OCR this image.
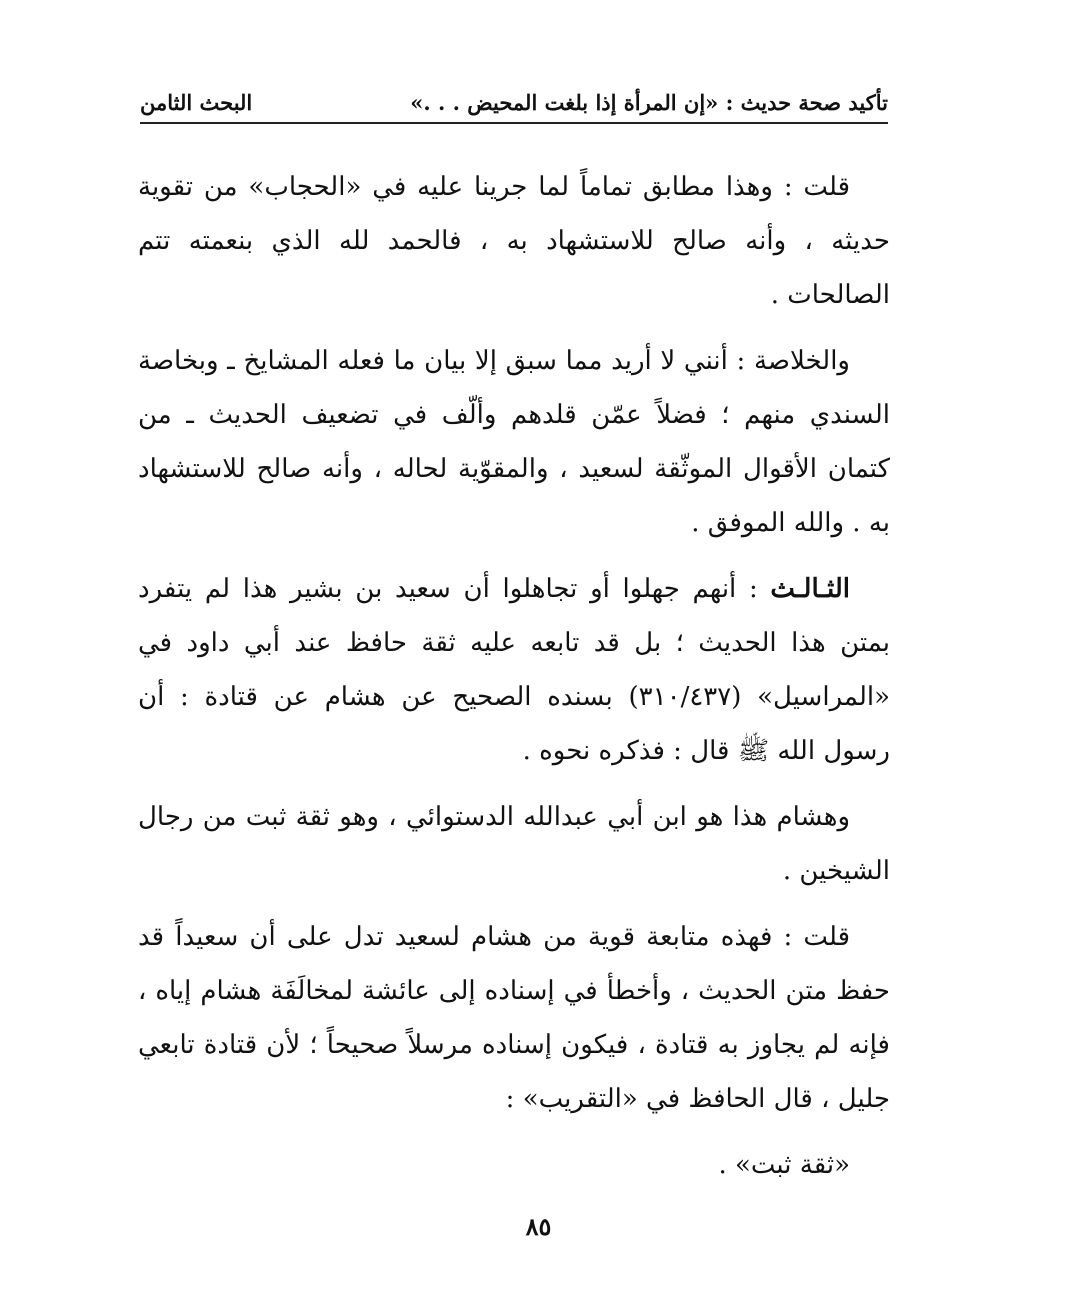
البحث الثامن	تأكيد صحة حديث : «إن المرأة إذا بلغت المحيض . . .»

قلت : وهذا مطابق تماماً لما جرينا عليه في «الحجاب» من تقوية حديثه ، وأنه صالح للاستشهاد به ، فالحمد لله الذي بنعمته تتم الصالحات .

والخلاصة : أنني لا أريد مما سبق إلا بيان ما فعله المشايخ ـ وبخاصة السندي منهم ؛ فضلاً عمّن قلدهم وألّف في تضعيف الحديث ـ من كتمان الأقوال الموثّقة لسعيد ، والمقوّية لحاله ، وأنه صالح للاستشهاد به . والله الموفق .

الثـالـث : أنهم جهلوا أو تجاهلوا أن سعيد بن بشير هذا لم يتفرد بمتن هذا الحديث ؛ بل قد تابعه عليه ثقة حافظ عند أبي داود في «المراسيل» (٣١٠/٤٣٧) بسنده الصحيح عن هشام عن قتادة : أن رسول الله ﷺ قال : فذكره نحوه .

وهشام هذا هو ابن أبي عبدالله الدستوائي ، وهو ثقة ثبت من رجال الشيخين .

قلت : فهذه متابعة قوية من هشام لسعيد تدل على أن سعيداً قد حفظ متن الحديث ، وأخطأ في إسناده إلى عائشة لمخالَفَة هشام إياه ، فإنه لم يجاوز به قتادة ، فيكون إسناده مرسلاً صحيحاً ؛ لأن قتادة تابعي جليل ، قال الحافظ في «التقريب» :

«ثقة ثبت» .

٨٥
